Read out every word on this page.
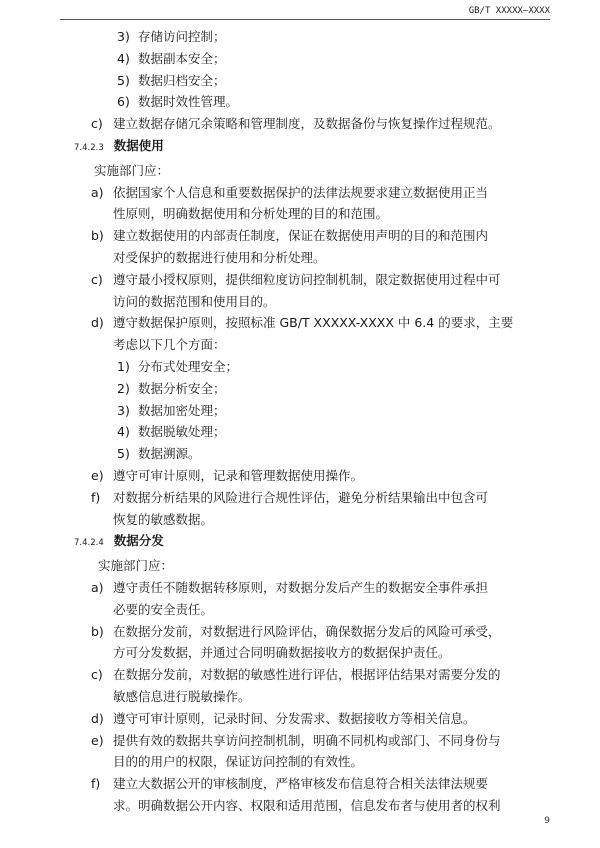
GB/T XXXXX—XXXX
3) 存储访问控制；
4) 数据副本安全；
5) 数据归档安全；
6) 数据时效性管理。
c) 建立数据存储冗余策略和管理制度，及数据备份与恢复操作过程规范。
7.4.2.3 数据使用
实施部门应：
a) 依据国家个人信息和重要数据保护的法律法规要求建立数据使用正当
性原则，明确数据使用和分析处理的目的和范围。
b) 建立数据使用的内部责任制度，保证在数据使用声明的目的和范围内
对受保护的数据进行使用和分析处理。
c) 遵守最小授权原则，提供细粒度访问控制机制，限定数据使用过程中可
访问的数据范围和使用目的。
d) 遵守数据保护原则，按照标准 GB/T XXXXX-XXXX 中 6.4 的要求，主要
考虑以下几个方面：
1) 分布式处理安全；
2) 数据分析安全；
3) 数据加密处理；
4) 数据脱敏处理；
5) 数据溯源。
e) 遵守可审计原则，记录和管理数据使用操作。
f) 对数据分析结果的风险进行合规性评估，避免分析结果输出中包含可
恢复的敏感数据。
7.4.2.4 数据分发
实施部门应：
a) 遵守责任不随数据转移原则，对数据分发后产生的数据安全事件承担
必要的安全责任。
b) 在数据分发前，对数据进行风险评估，确保数据分发后的风险可承受，
方可分发数据，并通过合同明确数据接收方的数据保护责任。
c) 在数据分发前，对数据的敏感性进行评估，根据评估结果对需要分发的
敏感信息进行脱敏操作。
d) 遵守可审计原则，记录时间、分发需求、数据接收方等相关信息。
e) 提供有效的数据共享访问控制机制，明确不同机构或部门、不同身份与
目的的用户的权限，保证访问控制的有效性。
f) 建立大数据公开的审核制度，严格审核发布信息符合相关法律法规要
求。明确数据公开内容、权限和适用范围，信息发布者与使用者的权利
9
